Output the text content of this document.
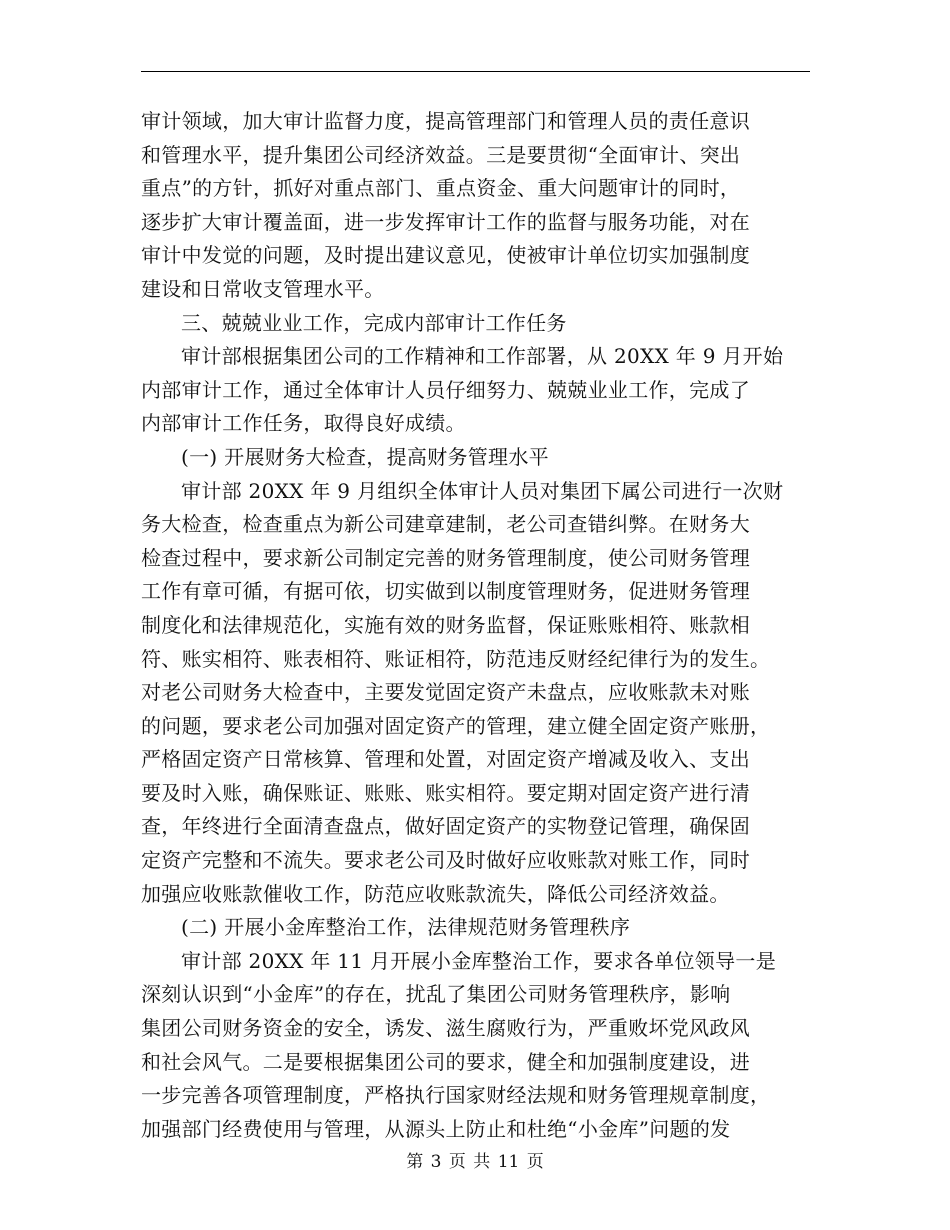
审计领域，加大审计监督力度，提高管理部门和管理人员的责任意识
和管理水平，提升集团公司经济效益。三是要贯彻“全面审计、突出
重点”的方针，抓好对重点部门、重点资金、重大问题审计的同时，
逐步扩大审计覆盖面，进一步发挥审计工作的监督与服务功能，对在
审计中发觉的问题，及时提出建议意见，使被审计单位切实加强制度
建设和日常收支管理水平。
三、兢兢业业工作，完成内部审计工作任务
审计部根据集团公司的工作精神和工作部署，从 20XX 年 9 月开始
内部审计工作，通过全体审计人员仔细努力、兢兢业业工作，完成了
内部审计工作任务，取得良好成绩。
(一) 开展财务大检查，提高财务管理水平
审计部 20XX 年 9 月组织全体审计人员对集团下属公司进行一次财
务大检查，检查重点为新公司建章建制，老公司查错纠弊。在财务大
检查过程中，要求新公司制定完善的财务管理制度，使公司财务管理
工作有章可循，有据可依，切实做到以制度管理财务，促进财务管理
制度化和法律规范化，实施有效的财务监督，保证账账相符、账款相
符、账实相符、账表相符、账证相符，防范违反财经纪律行为的发生。
对老公司财务大检查中，主要发觉固定资产未盘点，应收账款未对账
的问题，要求老公司加强对固定资产的管理，建立健全固定资产账册，
严格固定资产日常核算、管理和处置，对固定资产增减及收入、支出
要及时入账，确保账证、账账、账实相符。要定期对固定资产进行清
查，年终进行全面清查盘点，做好固定资产的实物登记管理，确保固
定资产完整和不流失。要求老公司及时做好应收账款对账工作，同时
加强应收账款催收工作，防范应收账款流失，降低公司经济效益。
(二) 开展小金库整治工作，法律规范财务管理秩序
审计部 20XX 年 11 月开展小金库整治工作，要求各单位领导一是
深刻认识到“小金库”的存在，扰乱了集团公司财务管理秩序，影响
集团公司财务资金的安全，诱发、滋生腐败行为，严重败坏党风政风
和社会风气。二是要根据集团公司的要求，健全和加强制度建设，进
一步完善各项管理制度，严格执行国家财经法规和财务管理规章制度，
加强部门经费使用与管理，从源头上防止和杜绝“小金库”问题的发
第 3 页 共 11 页
